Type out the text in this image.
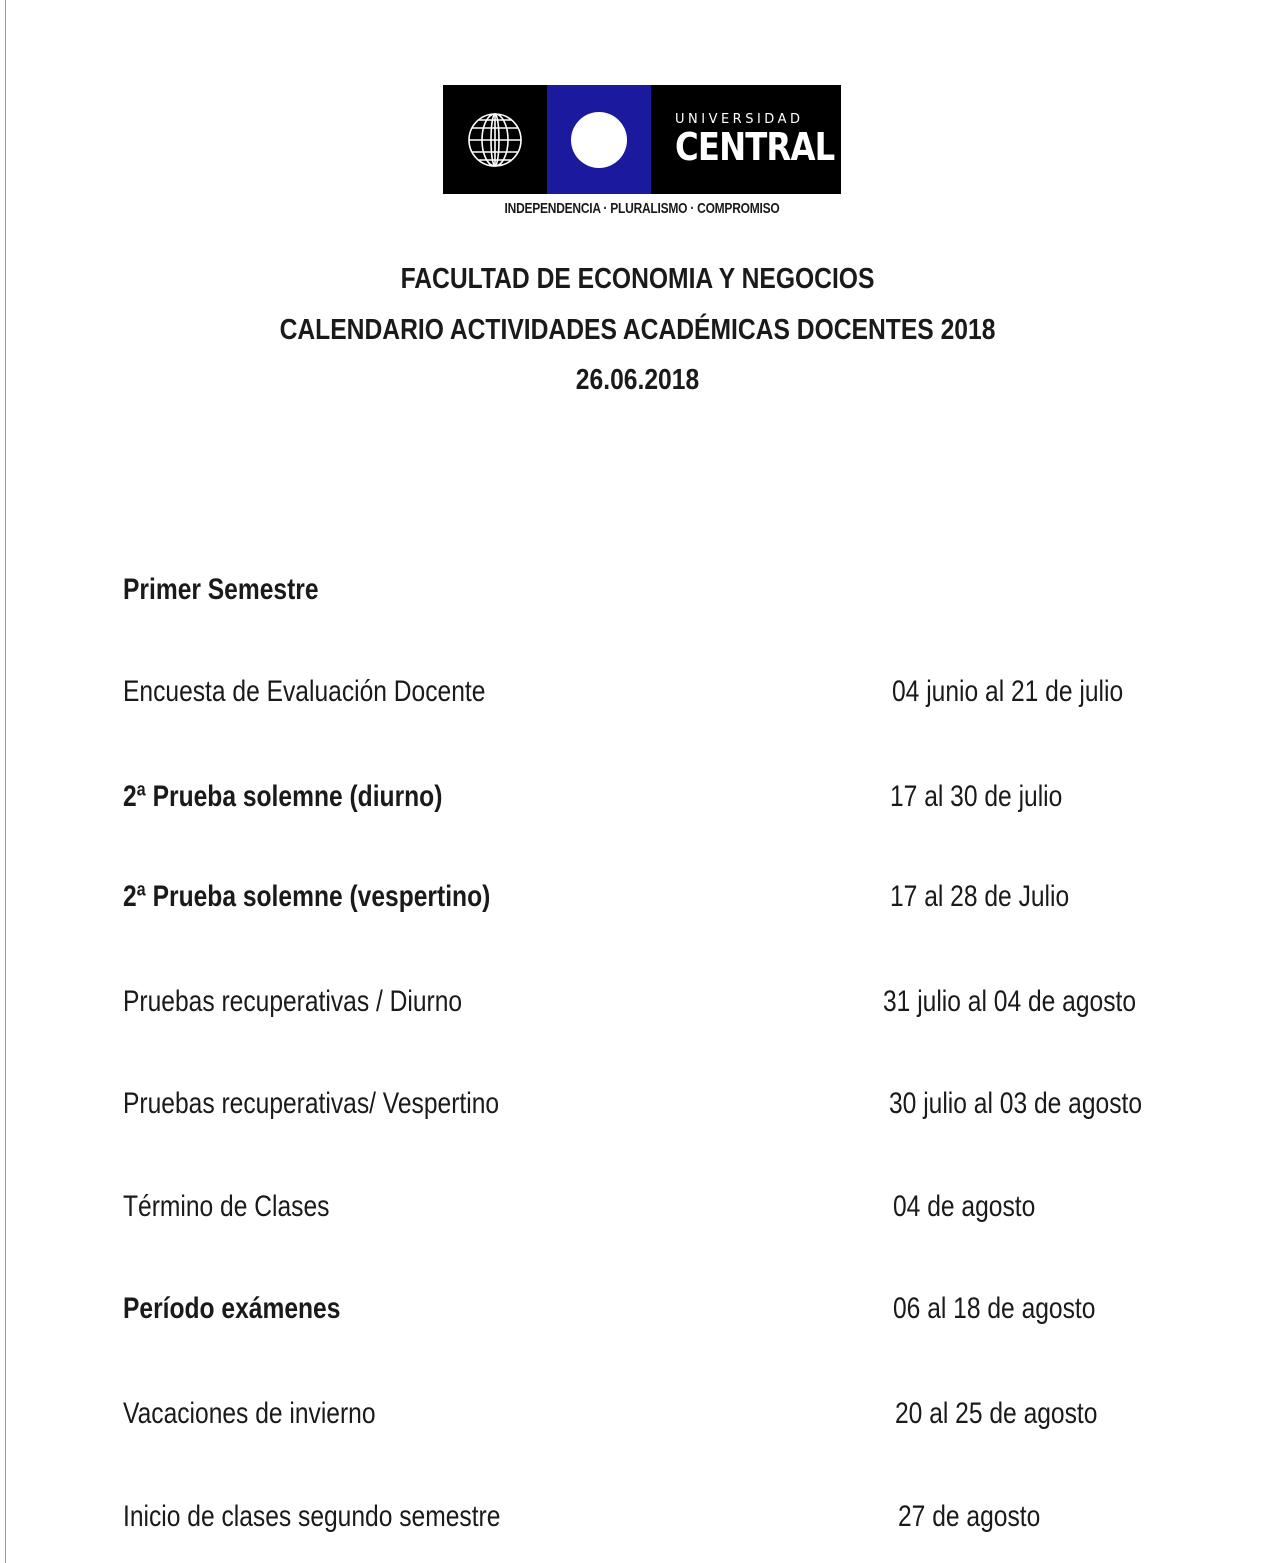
UNIVERSIDAD
CENTRAL
INDEPENDENCIA · PLURALISMO · COMPROMISO
FACULTAD DE ECONOMIA Y NEGOCIOS
CALENDARIO ACTIVIDADES ACADÉMICAS DOCENTES 2018
26.06.2018
Primer Semestre
Encuesta de Evaluación Docente	04 junio al 21 de julio
2ª Prueba solemne (diurno)	17 al 30 de julio
2ª Prueba solemne (vespertino)	17 al 28 de Julio
Pruebas recuperativas / Diurno	31 julio al 04 de agosto
Pruebas recuperativas/ Vespertino	30 julio al 03 de agosto
Término de Clases	04 de agosto
Período exámenes	06 al 18 de agosto
Vacaciones de invierno	20 al 25 de agosto
Inicio de clases segundo semestre	27 de agosto
